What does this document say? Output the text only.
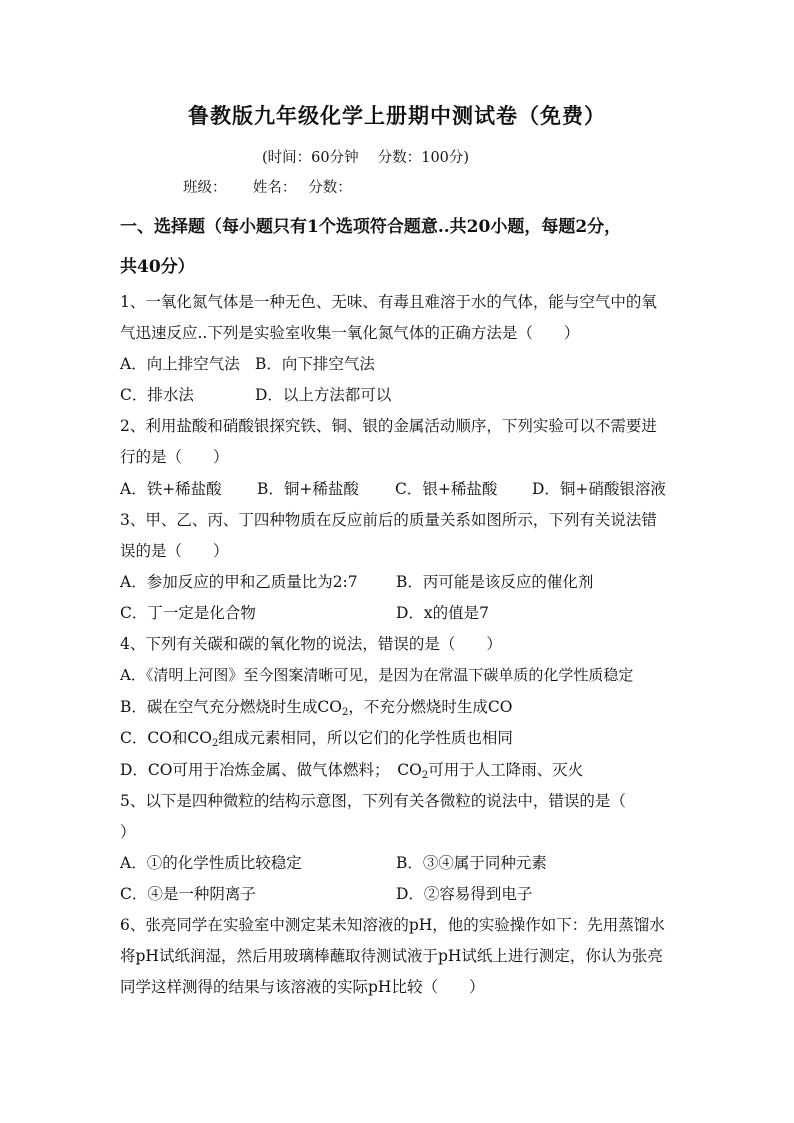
鲁教版九年级化学上册期中测试卷（免费）
(时间：60分钟　 分数：100分)
班级：　　 姓名：　 分数：
一、选择题（每小题只有1个选项符合题意..共20小题，每题2分，
共40分）
1、一氧化氮气体是一种无色、无味、有毒且难溶于水的气体，能与空气中的氧
气迅速反应..下列是实验室收集一氧化氮气体的正确方法是（　　）
A．向上排空气法 B．向下排空气法
C．排水法	D．以上方法都可以
2、利用盐酸和硝酸银探究铁、铜、银的金属活动顺序，下列实验可以不需要进
行的是（　　）
A．铁+稀盐酸 B．铜+稀盐酸 C．银+稀盐酸 D．铜+硝酸银溶液
3、甲、乙、丙、丁四种物质在反应前后的质量关系如图所示，下列有关说法错
误的是（　　）
A．参加反应的甲和乙质量比为2:7 B．丙可能是该反应的催化剂
C．丁一定是化合物	D．x的值是7
4、下列有关碳和碳的氧化物的说法，错误的是（　　）
A．《清明上河图》至今图案清晰可见，是因为在常温下碳单质的化学性质稳定
B．碳在空气充分燃烧时生成$CO_2$，不充分燃烧时生成CO
C．CO和$CO_2$组成元素相同，所以它们的化学性质也相同
D．CO可用于冶炼金属、做气体燃料；　$CO_2$可用于人工降雨、灭火
5、以下是四种微粒的结构示意图，下列有关各微粒的说法中，错误的是（
）
A．①的化学性质比较稳定	B．③④属于同种元素
C．④是一种阴离子	D．②容易得到电子
6、张亮同学在实验室中测定某未知溶液的pH，他的实验操作如下：先用蒸馏水
将pH试纸润湿，然后用玻璃棒蘸取待测试液于pH试纸上进行测定，你认为张亮
同学这样测得的结果与该溶液的实际pH比较（　　）
